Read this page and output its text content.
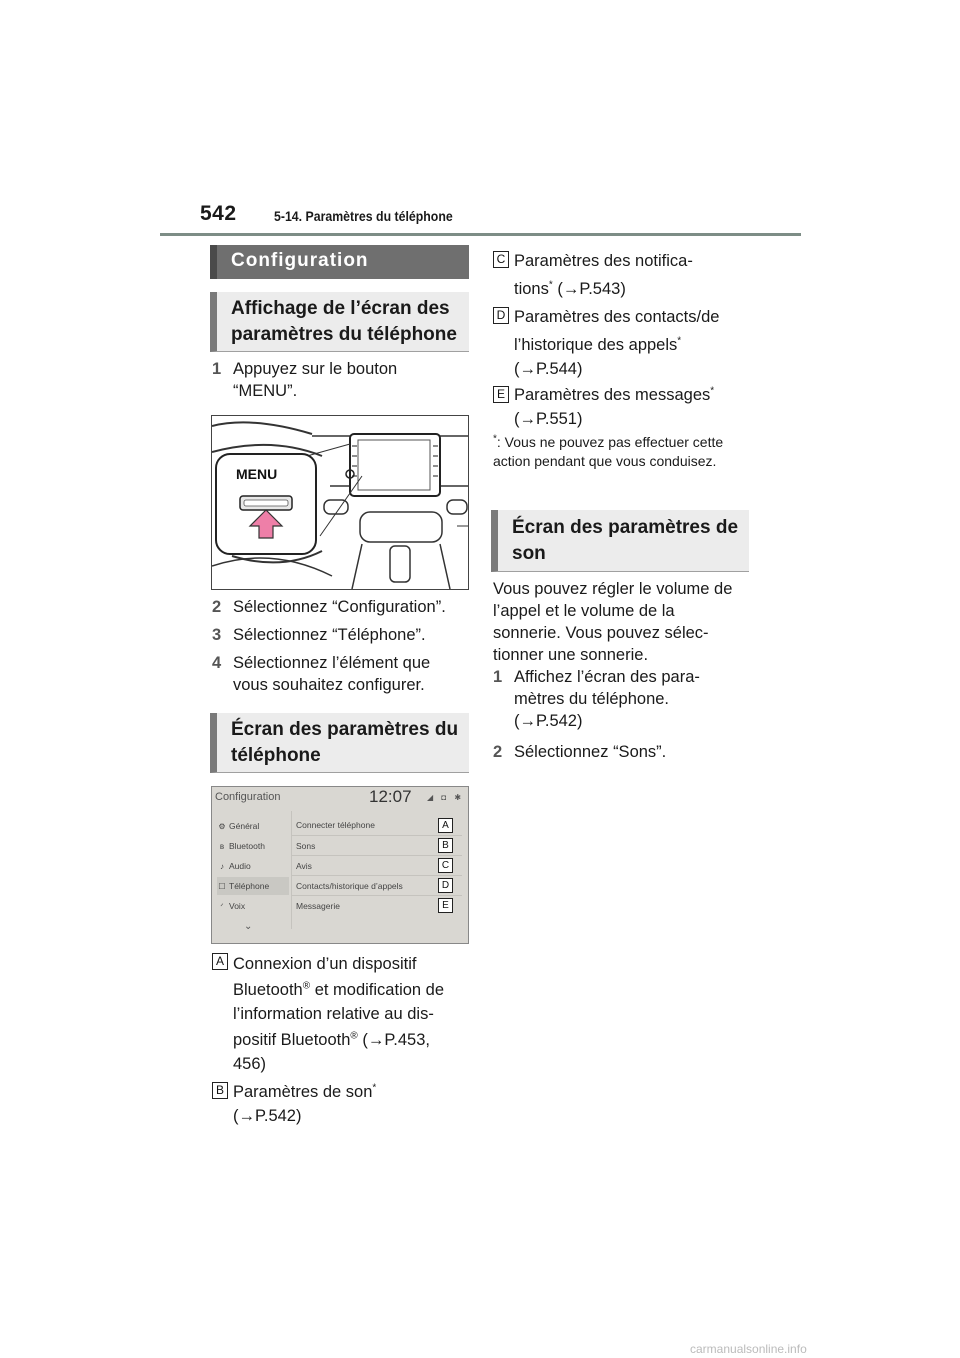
542	5-14. Paramètres du téléphone
Configuration
Affichage de l’écran des paramètres du téléphone
1 Appuyez sur le bouton “MENU”.
MENU
2 Sélectionnez “Configuration”.
3 Sélectionnez “Téléphone”.
4 Sélectionnez l’élément que vous souhaitez configurer.
Écran des paramètres du téléphone
Configuration	12:07 ◢ ◘ ✱
⚙ Général
ʙ Bluetooth
♪ Audio
☐ Téléphone
ᐟ Voix
⌄
Connecter téléphone
Sons
Avis
Contacts/historique d’appels
Messagerie
A
B
C
D
E
A Connexion d’un dispositif
Bluetooth® et modification de
l’information relative au dis-
positif Bluetooth® (→P.453,
456)
B Paramètres de son*
(→P.542)
C Paramètres des notifica-
tions* (→P.543)
D Paramètres des contacts/de
l’historique des appels*
(→P.544)
E Paramètres des messages*
(→P.551)
*: Vous ne pouvez pas effectuer cette action pendant que vous conduisez.
Écran des paramètres de son
Vous pouvez régler le volume de l’appel et le volume de la sonnerie. Vous pouvez sélec- tionner une sonnerie.
1 Affichez l’écran des para- mètres du téléphone.
(→P.542)
2 Sélectionnez “Sons”.
carmanualsonline.info
